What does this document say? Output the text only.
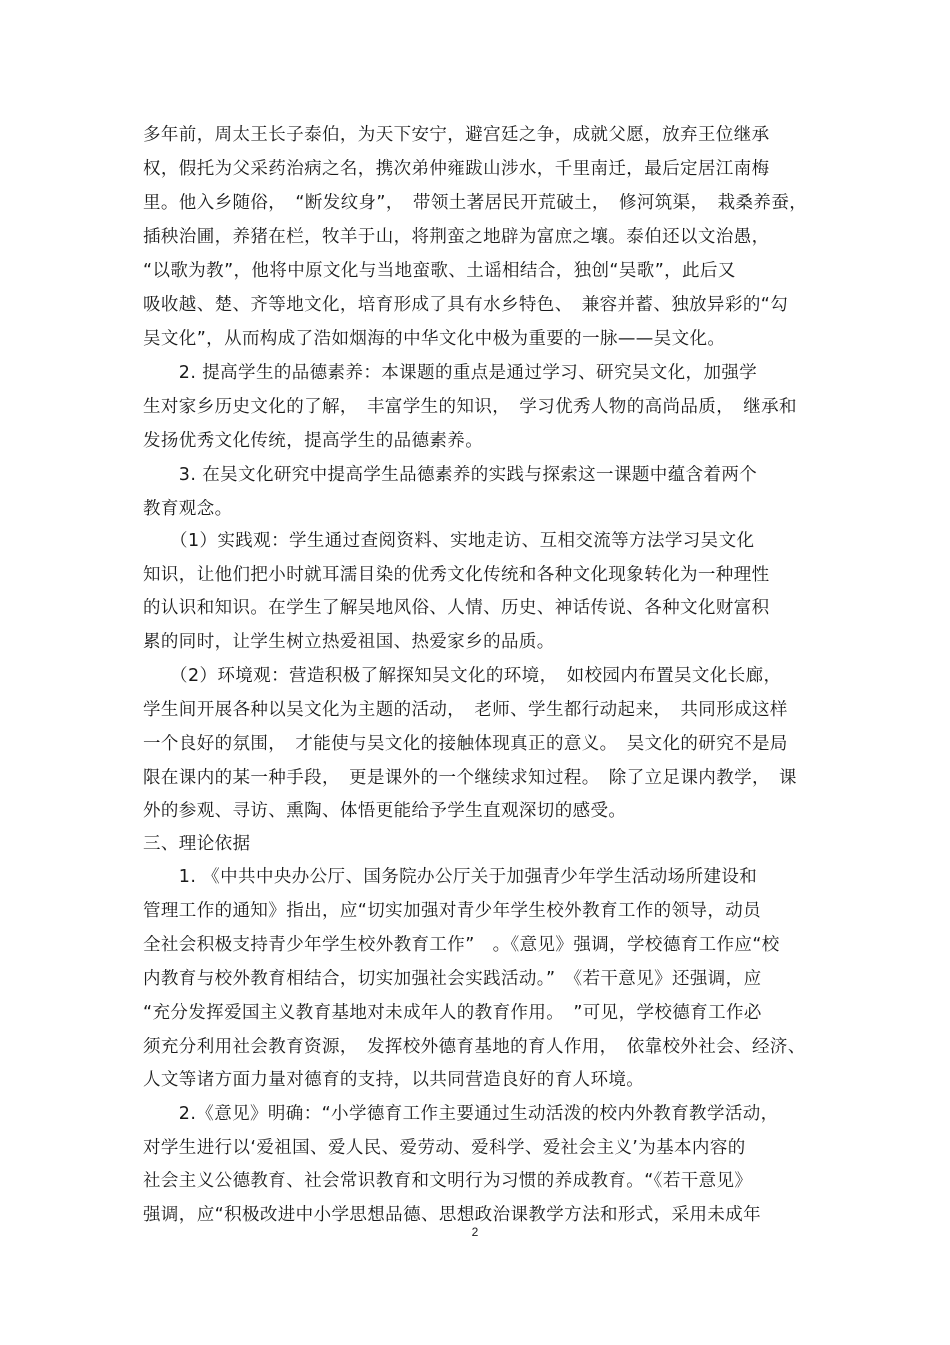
多年前，周太王长子泰伯，为天下安宁，避宫廷之争，成就父愿，放弃王位继承
权，假托为父采药治病之名，携次弟仲雍跋山涉水，千里南迁，最后定居江南梅
里。他入乡随俗，　“断发纹身”，　带领土著居民开荒破土，　修河筑渠，　栽桑养蚕，
插秧治圃，养猪在栏，牧羊于山，将荆蛮之地辟为富庶之壤。泰伯还以文治愚，
“以歌为教”，他将中原文化与当地蛮歌、土谣相结合，独创“吴歌”，此后又
吸收越、楚、齐等地文化，培育形成了具有水乡特色、　兼容并蓄、独放异彩的“勾
吴文化”，从而构成了浩如烟海的中华文化中极为重要的一脉——吴文化。
　　2. 提高学生的品德素养：本课题的重点是通过学习、研究吴文化，加强学
生对家乡历史文化的了解，　丰富学生的知识，　学习优秀人物的高尚品质，　继承和
发扬优秀文化传统，提高学生的品德素养。
　　3. 在吴文化研究中提高学生品德素养的实践与探索这一课题中蕴含着两个
教育观念。
　　（1）实践观：学生通过查阅资料、实地走访、互相交流等方法学习吴文化
知识，让他们把小时就耳濡目染的优秀文化传统和各种文化现象转化为一种理性
的认识和知识。在学生了解吴地风俗、人情、历史、神话传说、各种文化财富积
累的同时，让学生树立热爱祖国、热爱家乡的品质。
　　（2）环境观：营造积极了解探知吴文化的环境，　如校园内布置吴文化长廊，
学生间开展各种以吴文化为主题的活动，　老师、学生都行动起来，　共同形成这样
一个良好的氛围，　才能使与吴文化的接触体现真正的意义。　吴文化的研究不是局
限在课内的某一种手段，　更是课外的一个继续求知过程。　除了立足课内教学，　课
外的参观、寻访、熏陶、体悟更能给予学生直观深切的感受。
三、理论依据
　　1. 《中共中央办公厅、国务院办公厅关于加强青少年学生活动场所建设和
管理工作的通知》指出，应“切实加强对青少年学生校外教育工作的领导，动员
全社会积极支持青少年学生校外教育工作”　。《意见》强调，学校德育工作应“校
内教育与校外教育相结合，切实加强社会实践活动。”　《若干意见》还强调，应
“充分发挥爱国主义教育基地对未成年人的教育作用。　”可见，学校德育工作必
须充分利用社会教育资源，　发挥校外德育基地的育人作用，　依靠校外社会、经济、
人文等诸方面力量对德育的支持，以共同营造良好的育人环境。
　　2.《意见》明确：“小学德育工作主要通过生动活泼的校内外教育教学活动，
对学生进行以‘爱祖国、爱人民、爱劳动、爱科学、爱社会主义’为基本内容的
社会主义公德教育、社会常识教育和文明行为习惯的养成教育。“《若干意见》
强调，应“积极改进中小学思想品德、思想政治课教学方法和形式，采用未成年
2
